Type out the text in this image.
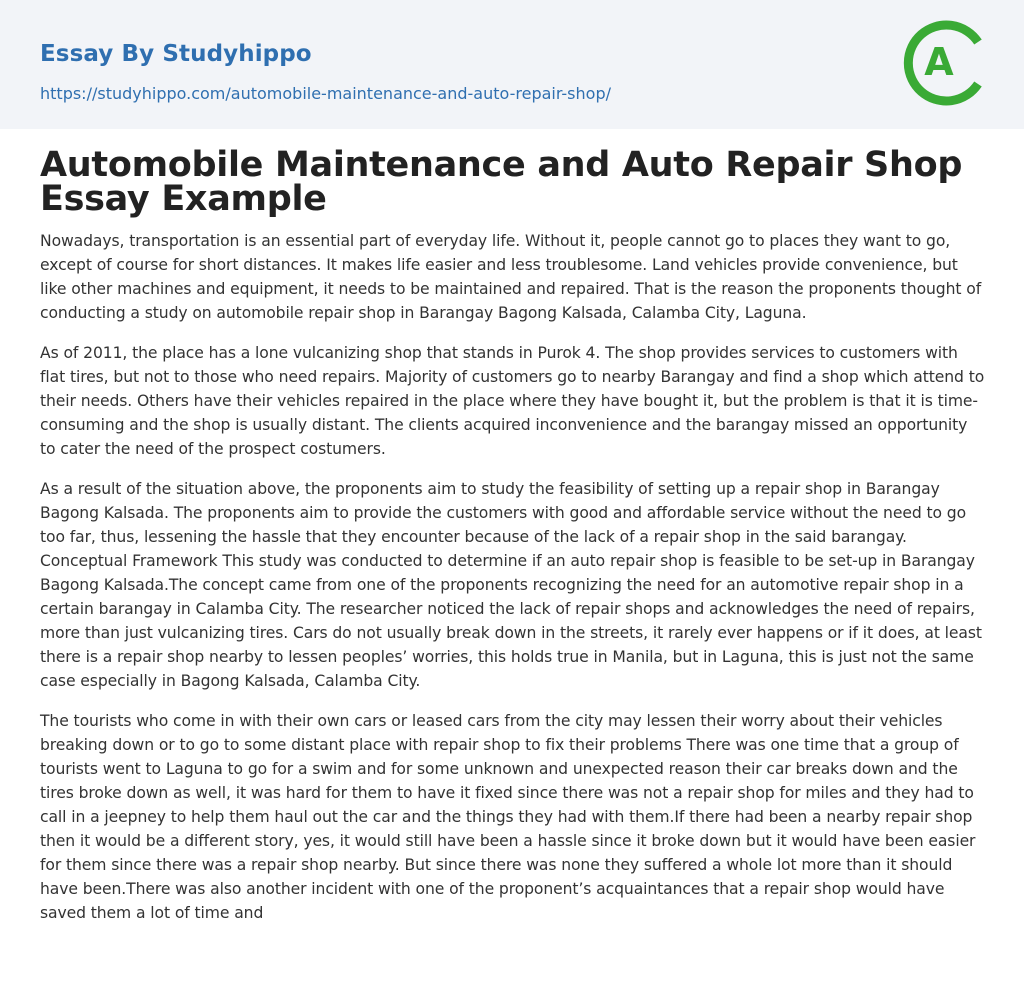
Essay By Studyhippo
https://studyhippo.com/automobile-maintenance-and-auto-repair-shop/
A
Automobile Maintenance and Auto Repair Shop Essay Example

Nowadays, transportation is an essential part of everyday life. Without it, people cannot go to places they want to go, except of course for short distances. It makes life easier and less troublesome. Land vehicles provide convenience, but like other machines and equipment, it needs to be maintained and repaired. That is the reason the proponents thought of conducting a study on automobile repair shop in Barangay Bagong Kalsada, Calamba City, Laguna.

As of 2011, the place has a lone vulcanizing shop that stands in Purok 4. The shop provides services to customers with flat tires, but not to those who need repairs. Majority of customers go to nearby Barangay and find a shop which attend to their needs. Others have their vehicles repaired in the place where they have bought it, but the problem is that it is time-consuming and the shop is usually distant. The clients acquired inconvenience and the barangay missed an opportunity to cater the need of the prospect costumers.

As a result of the situation above, the proponents aim to study the feasibility of setting up a repair shop in Barangay Bagong Kalsada. The proponents aim to provide the customers with good and affordable service without the need to go too far, thus, lessening the hassle that they encounter because of the lack of a repair shop in the said barangay. Conceptual Framework This study was conducted to determine if an auto repair shop is feasible to be set-up in Barangay Bagong Kalsada.The concept came from one of the proponents recognizing the need for an automotive repair shop in a certain barangay in Calamba City. The researcher noticed the lack of repair shops and acknowledges the need of repairs, more than just vulcanizing tires. Cars do not usually break down in the streets, it rarely ever happens or if it does, at least there is a repair shop nearby to lessen peoples’ worries, this holds true in Manila, but in Laguna, this is just not the same case especially in Bagong Kalsada, Calamba City.

The tourists who come in with their own cars or leased cars from the city may lessen their worry about their vehicles breaking down or to go to some distant place with repair shop to fix their problems There was one time that a group of tourists went to Laguna to go for a swim and for some unknown and unexpected reason their car breaks down and the tires broke down as well, it was hard for them to have it fixed since there was not a repair shop for miles and they had to call in a jeepney to help them haul out the car and the things they had with them.If there had been a nearby repair shop then it would be a different story, yes, it would still have been a hassle since it broke down but it would have been easier for them since there was a repair shop nearby. But since there was none they suffered a whole lot more than it should have been.There was also another incident with one of the proponent’s acquaintances that a repair shop would have saved them a lot of time and
